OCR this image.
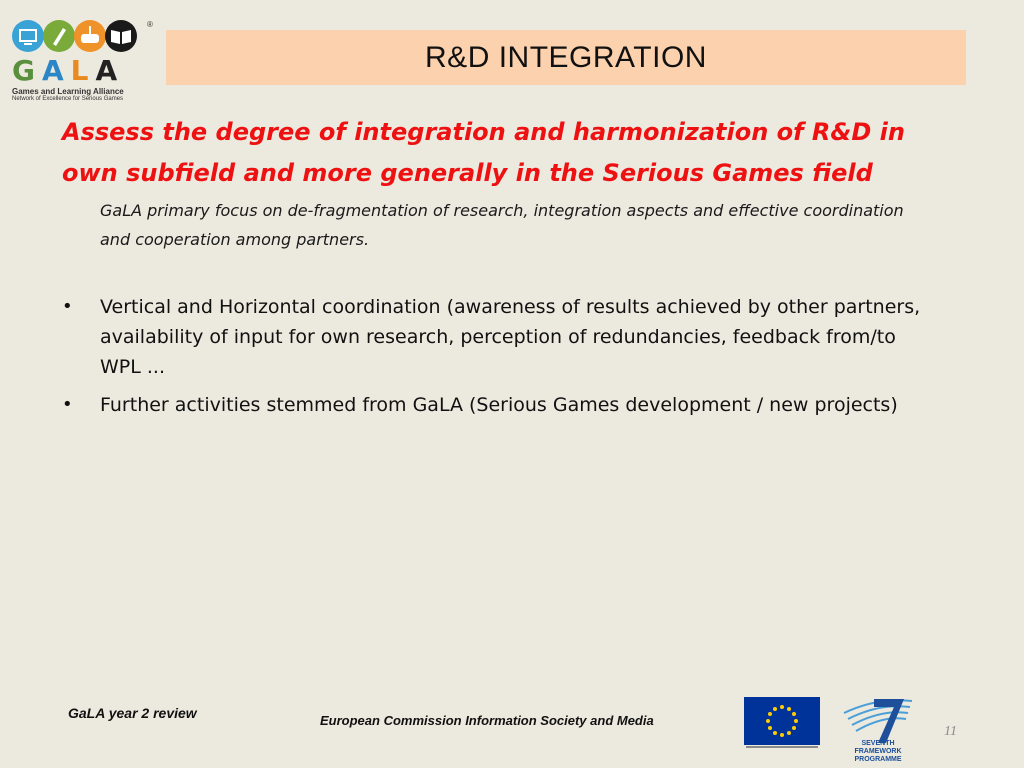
®
GALA
Games and Learning Alliance
Network of Excellence for Serious Games
R&D INTEGRATION
Assess the degree of integration and harmonization of R&D in own subfield and more generally in the Serious Games field
GaLA primary focus on de-fragmentation of research, integration aspects and effective coordination and cooperation among partners.
•	Vertical and Horizontal coordination (awareness of results achieved by other partners, availability of input for own research, perception of redundancies, feedback from/to WPL ...
•	Further activities stemmed from GaLA (Serious Games development / new projects)
GaLA year 2 review	European Commission Information Society and Media
SEVENTH FRAMEWORK
PROGRAMME
11
